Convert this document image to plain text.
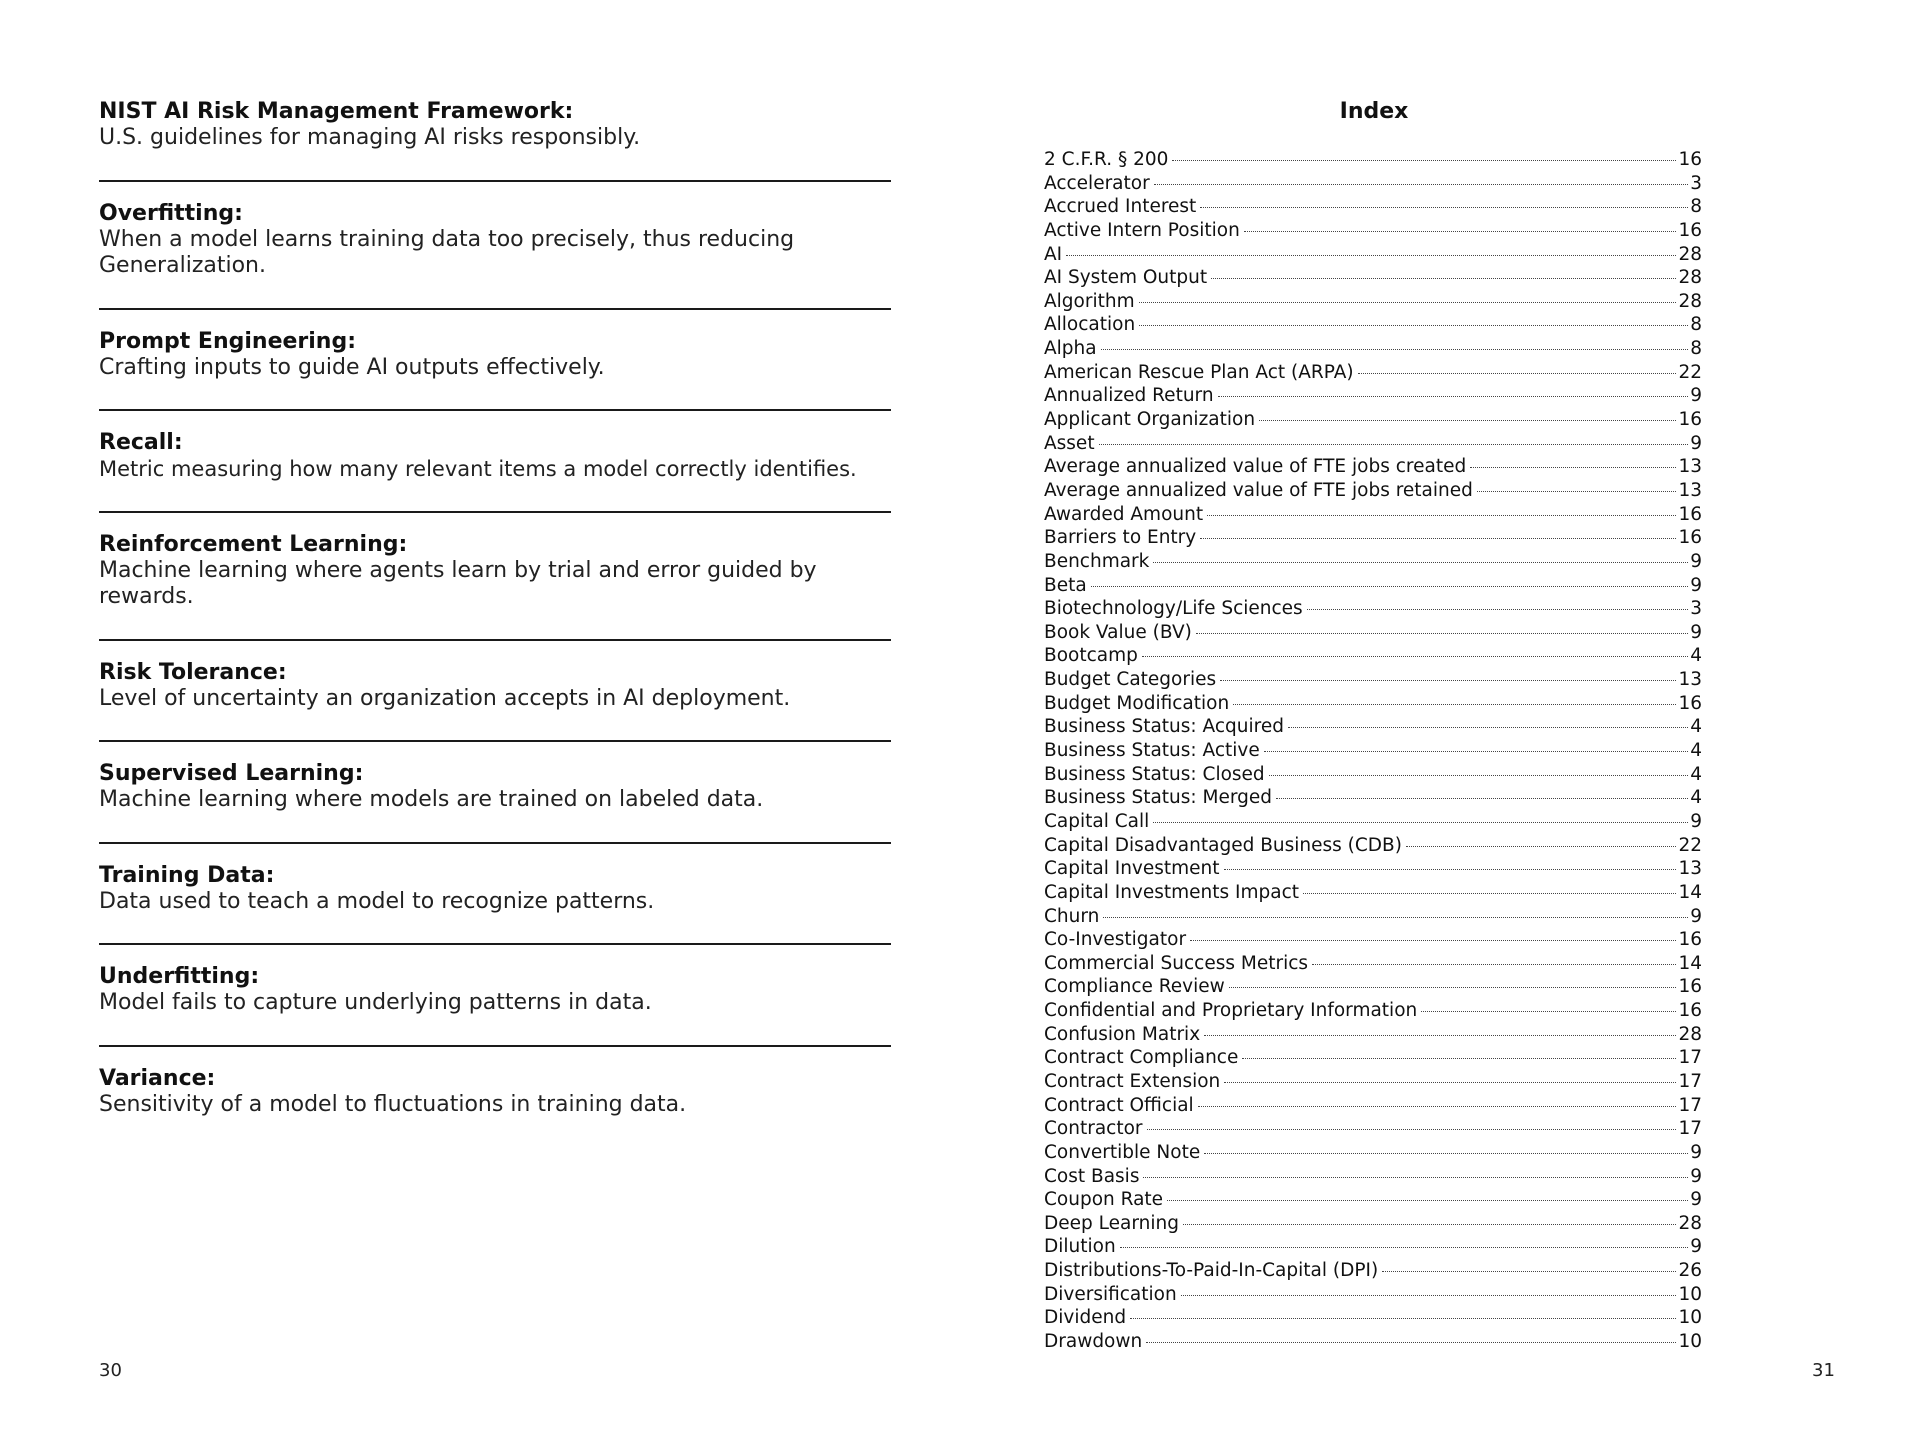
NIST AI Risk Management Framework:
U.S. guidelines for managing AI risks responsibly.
Overfitting:
When a model learns training data too precisely, thus reducing Generalization.
Prompt Engineering:
Crafting inputs to guide AI outputs effectively.
Recall:
Metric measuring how many relevant items a model correctly identifies.
Reinforcement Learning:
Machine learning where agents learn by trial and error guided by rewards.
Risk Tolerance:
Level of uncertainty an organization accepts in AI deployment.
Supervised Learning:
Machine learning where models are trained on labeled data.
Training Data:
Data used to teach a model to recognize patterns.
Underfitting:
Model fails to capture underlying patterns in data.
Variance:
Sensitivity of a model to fluctuations in training data.
30
Index
2 C.F.R. § 200	16
Accelerator	3
Accrued Interest	8
Active Intern Position	16
AI	28
AI System Output	28
Algorithm	28
Allocation	8
Alpha	8
American Rescue Plan Act (ARPA)	22
Annualized Return	9
Applicant Organization	16
Asset	9
Average annualized value of FTE jobs created	13
Average annualized value of FTE jobs retained	13
Awarded Amount	16
Barriers to Entry	16
Benchmark	9
Beta	9
Biotechnology/Life Sciences	3
Book Value (BV)	9
Bootcamp	4
Budget Categories	13
Budget Modification	16
Business Status: Acquired	4
Business Status: Active	4
Business Status: Closed	4
Business Status: Merged	4
Capital Call	9
Capital Disadvantaged Business (CDB)	22
Capital Investment	13
Capital Investments Impact	14
Churn	9
Co-Investigator	16
Commercial Success Metrics	14
Compliance Review	16
Confidential and Proprietary Information	16
Confusion Matrix	28
Contract Compliance	17
Contract Extension	17
Contract Official	17
Contractor	17
Convertible Note	9
Cost Basis	9
Coupon Rate	9
Deep Learning	28
Dilution	9
Distributions-To-Paid-In-Capital (DPI)	26
Diversification	10
Dividend	10
Drawdown	10
31
